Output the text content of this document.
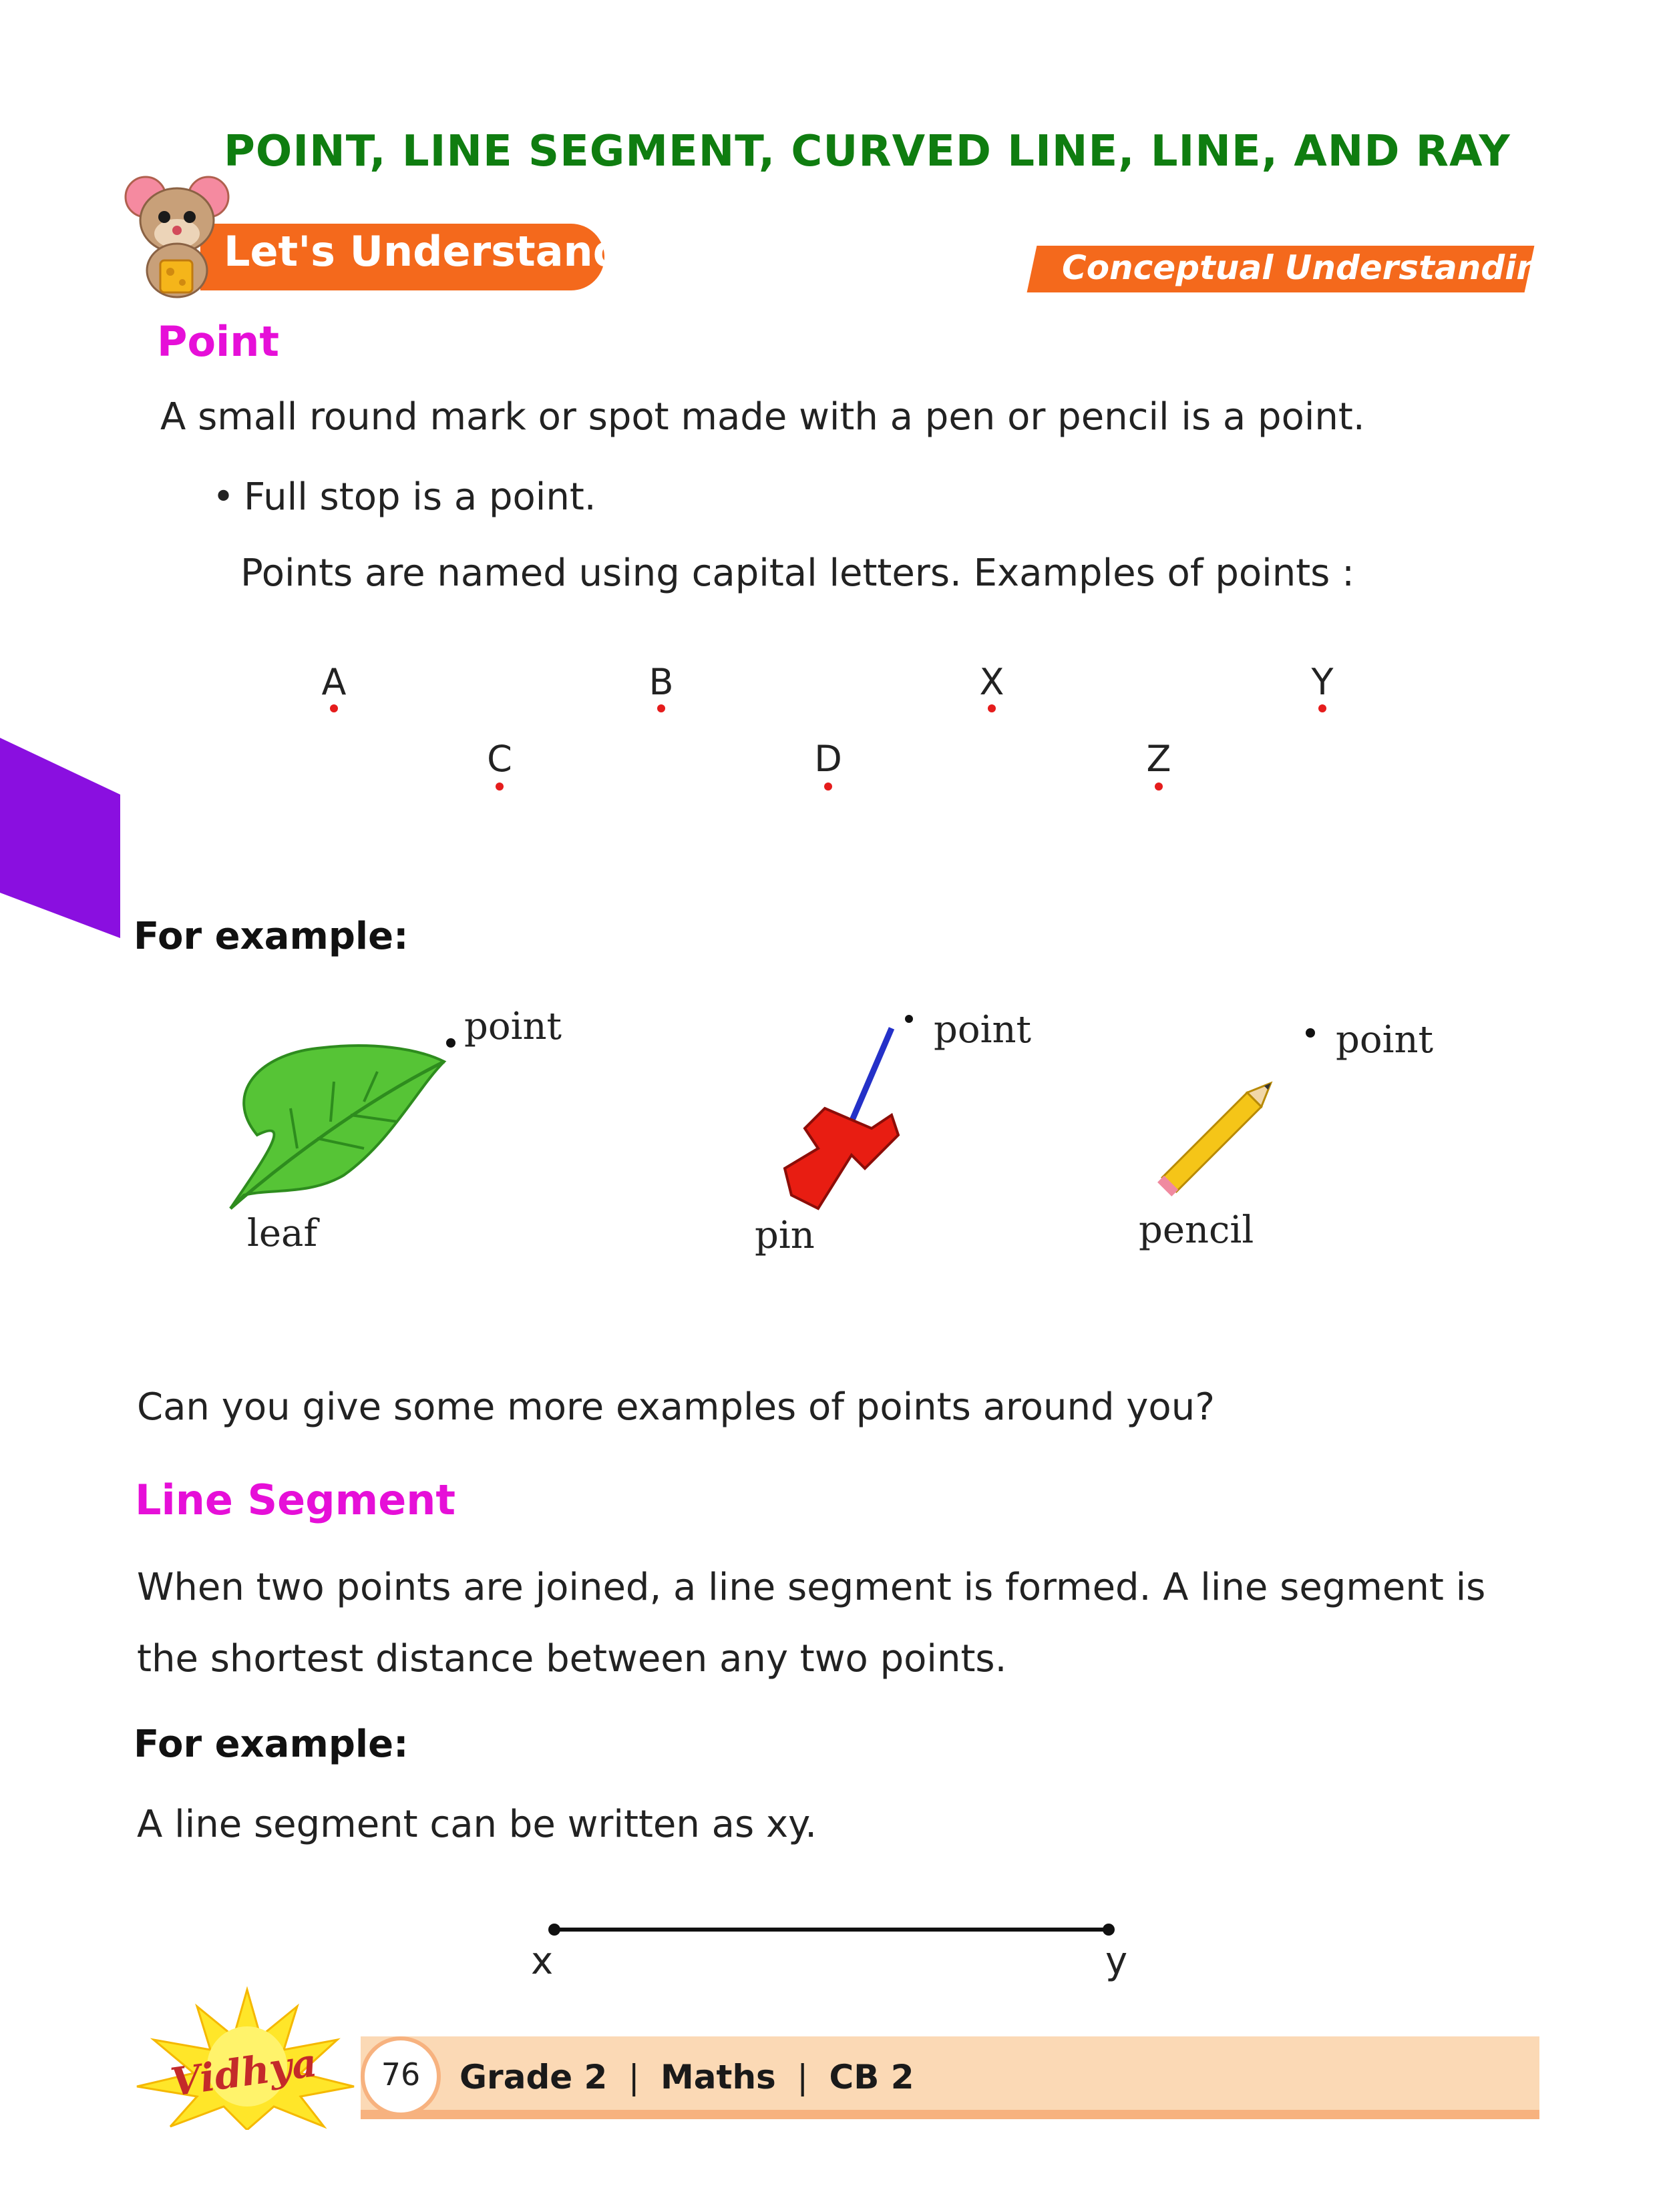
POINT, LINE SEGMENT, CURVED LINE, LINE, AND RAY
Let's Understand	Conceptual Understanding
Point
A small round mark or spot made with a pen or pencil is a point.
• Full stop is a point.
Points are named using capital letters. Examples of points :
A	B	X	Y
C	D	Z
For example:
point
leaf
point
pin
point
pencil
Can you give some more examples of points around you?
Line Segment
When two points are joined, a line segment is formed. A line segment is
the shortest distance between any two points.
For example:
A line segment can be written as xy.
x	y
76	Grade 2 | Maths | CB 2
Vidhya
